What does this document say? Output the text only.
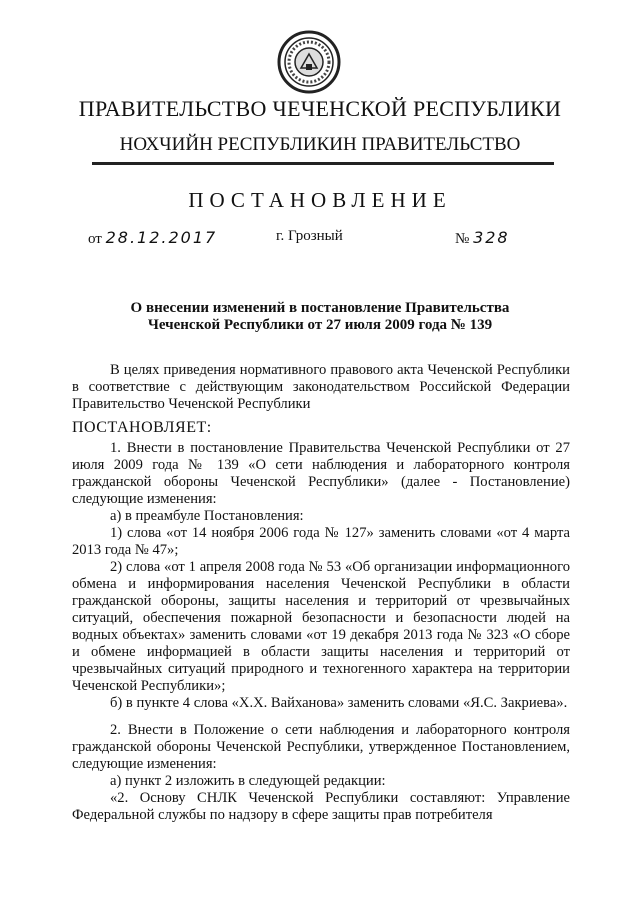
ПРАВИТЕЛЬСТВО ЧЕЧЕНСКОЙ РЕСПУБЛИКИ
НОХЧИЙН РЕСПУБЛИКИН ПРАВИТЕЛЬСТВО
ПОСТАНОВЛЕНИЕ
от 28.12.2017	г. Грозный	№ 328
О внесении изменений в постановление Правительства
Чеченской Республики от 27 июля 2009 года № 139

В целях приведения нормативного правового акта Чеченской Республики в соответствие с действующим законодательством Российской Федерации Правительство Чеченской Республики

ПОСТАНОВЛЯЕТ:

1. Внести в постановление Правительства Чеченской Республики от 27 июля 2009 года № 139 «О сети наблюдения и лабораторного контроля гражданской обороны Чеченской Республики» (далее - Постановление) следующие изменения:

а) в преамбуле Постановления:

1) слова «от 14 ноября 2006 года № 127» заменить словами «от 4 марта 2013 года № 47»;

2) слова «от 1 апреля 2008 года № 53 «Об организации информационного обмена и информирования населения Чеченской Республики в области гражданской обороны, защиты населения и территорий от чрезвычайных ситуаций, обеспечения пожарной безопасности и безопасности людей на водных объектах» заменить словами «от 19 декабря 2013 года № 323 «О сборе и обмене информацией в области защиты населения и территорий от чрезвычайных ситуаций природного и техногенного характера на территории Чеченской Республики»;

б) в пункте 4 слова «Х.Х. Вайханова» заменить словами «Я.С. Закриева».

2. Внести в Положение о сети наблюдения и лабораторного контроля гражданской обороны Чеченской Республики, утвержденное Постановлением, следующие изменения:

а) пункт 2 изложить в следующей редакции:

«2. Основу СНЛК Чеченской Республики составляют: Управление Федеральной службы по надзору в сфере защиты прав потребителя
